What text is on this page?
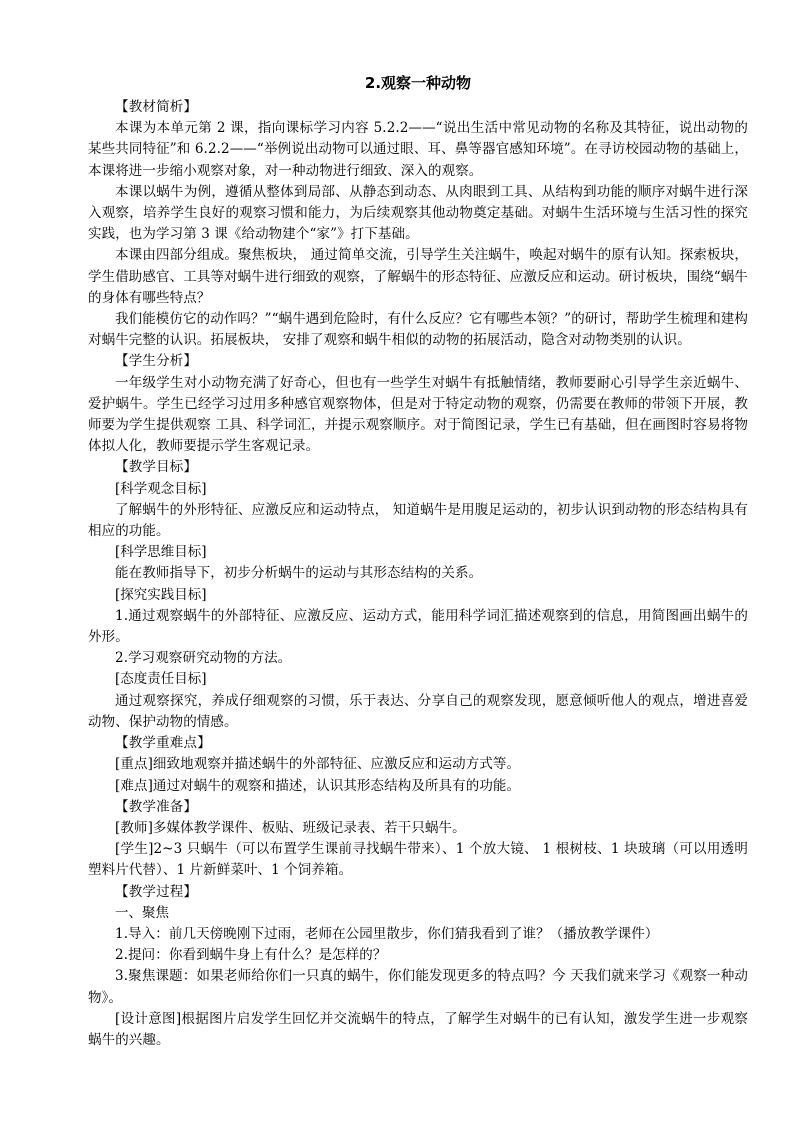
2.观察一种动物
【教材简析】
本课为本单元第 2 课，指向课标学习内容 5.2.2——“说出生活中常见动物的名称及其特征，说出动物的某些共同特征”和 6.2.2——“举例说出动物可以通过眼、耳、鼻等器官感知环境”。在寻访校园动物的基础上， 本课将进一步缩小观察对象，对一种动物进行细致、深入的观察。
本课以蜗牛为例，遵循从整体到局部、从静态到动态、从肉眼到工具、从结构到功能的顺序对蜗牛进行深入观察，培养学生良好的观察习惯和能力，为后续观察其他动物奠定基础。对蜗牛生活环境与生活习性的探究实践，也为学习第 3 课《给动物建个“家”》打下基础。
本课由四部分组成。聚焦板块， 通过简单交流，引导学生关注蜗牛，唤起对蜗牛的原有认知。探索板块， 学生借助感官、工具等对蜗牛进行细致的观察，了解蜗牛的形态特征、应激反应和运动。研讨板块，围绕“蜗牛的身体有哪些特点？
我们能模仿它的动作吗？”“蜗牛遇到危险时，有什么反应？它有哪些本领？”的研讨，帮助学生梳理和建构对蜗牛完整的认识。拓展板块， 安排了观察和蜗牛相似的动物的拓展活动，隐含对动物类别的认识。
【学生分析】
一年级学生对小动物充满了好奇心，但也有一些学生对蜗牛有抵触情绪，教师要耐心引导学生亲近蜗牛、爱护蜗牛。学生已经学习过用多种感官观察物体，但是对于特定动物的观察，仍需要在教师的带领下开展，教师要为学生提供观察 工具、科学词汇，并提示观察顺序。对于简图记录，学生已有基础，但在画图时容易将物体拟人化，教师要提示学生客观记录。
【教学目标】
[科学观念目标]
了解蜗牛的外形特征、应激反应和运动特点， 知道蜗牛是用腹足运动的，初步认识到动物的形态结构具有相应的功能。
[科学思维目标]
能在教师指导下，初步分析蜗牛的运动与其形态结构的关系。
[探究实践目标]
1.通过观察蜗牛的外部特征、应激反应、运动方式，能用科学词汇描述观察到的信息，用简图画出蜗牛的外形。
2.学习观察研究动物的方法。
[态度责任目标]
通过观察探究，养成仔细观察的习惯，乐于表达、分享自己的观察发现，愿意倾听他人的观点，增进喜爱动物、保护动物的情感。
【教学重难点】
[重点]细致地观察并描述蜗牛的外部特征、应激反应和运动方式等。
[难点]通过对蜗牛的观察和描述，认识其形态结构及所具有的功能。
【教学准备】
[教师]多媒体教学课件、板贴、班级记录表、若干只蜗牛。
[学生]2~3 只蜗牛（可以布置学生课前寻找蜗牛带来）、1 个放大镜、 1 根树枝、1 块玻璃（可以用透明塑料片代替）、1 片新鲜菜叶、1 个饲养箱。
【教学过程】
一、聚焦
1.导入：前几天傍晚刚下过雨，老师在公园里散步，你们猜我看到了谁？（播放教学课件）
2.提问：你看到蜗牛身上有什么？是怎样的？
3.聚焦课题：如果老师给你们一只真的蜗牛，你们能发现更多的特点吗？今 天我们就来学习《观察一种动物》。
[设计意图]根据图片启发学生回忆并交流蜗牛的特点，了解学生对蜗牛的已有认知，激发学生进一步观察蜗牛的兴趣。
